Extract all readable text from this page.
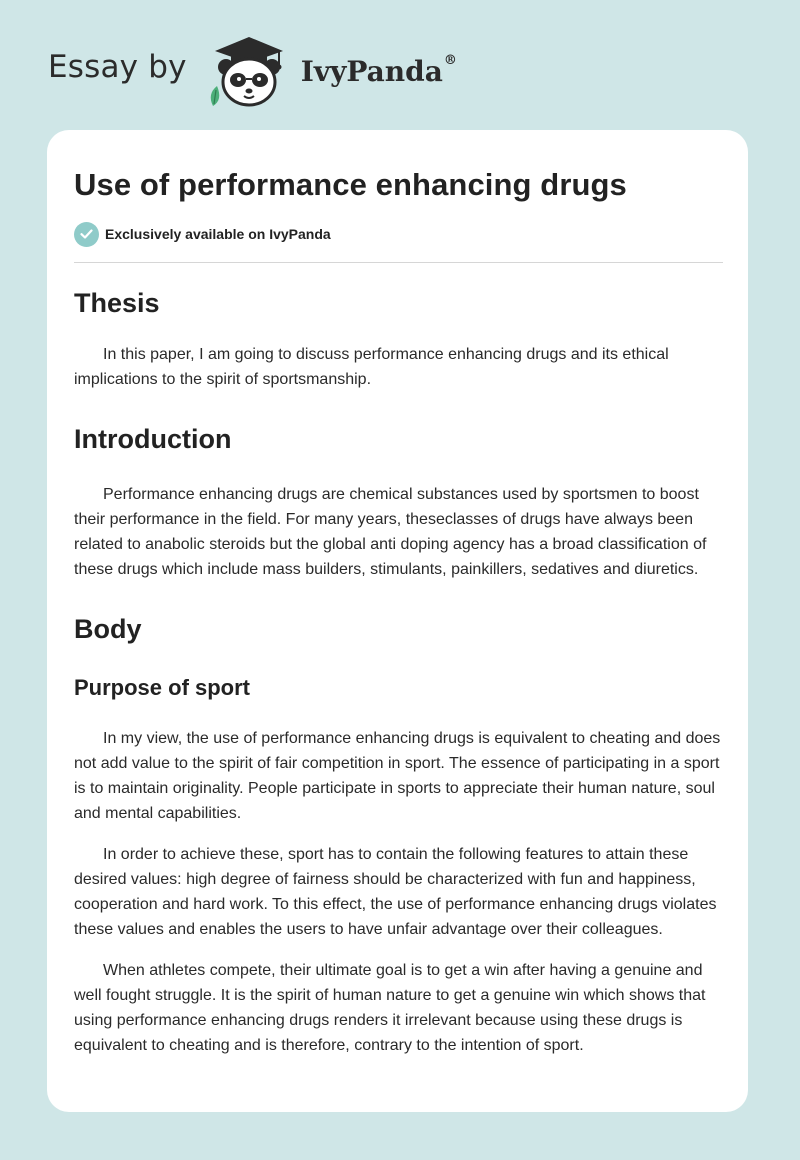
Essay by	IvyPanda®
Use of performance enhancing drugs
Exclusively available on IvyPanda
Thesis

In this paper, I am going to discuss performance enhancing drugs and its ethical implications to the spirit of sportsmanship.

Introduction

Performance enhancing drugs are chemical substances used by sportsmen to boost their performance in the field. For many years, theseclasses of drugs have always been related to anabolic steroids but the global anti doping agency has a broad classification of these drugs which include mass builders, stimulants, painkillers, sedatives and diuretics.

Body
Purpose of sport

In my view, the use of performance enhancing drugs is equivalent to cheating and does not add value to the spirit of fair competition in sport. The essence of participating in a sport is to maintain originality. People participate in sports to appreciate their human nature, soul and mental capabilities.

In order to achieve these, sport has to contain the following features to attain these desired values: high degree of fairness should be characterized with fun and happiness, cooperation and hard work. To this effect, the use of performance enhancing drugs violates these values and enables the users to have unfair advantage over their colleagues.

When athletes compete, their ultimate goal is to get a win after having a genuine and well fought struggle. It is the spirit of human nature to get a genuine win which shows that using performance enhancing drugs renders it irrelevant because using these drugs is equivalent to cheating and is therefore, contrary to the intention of sport.
